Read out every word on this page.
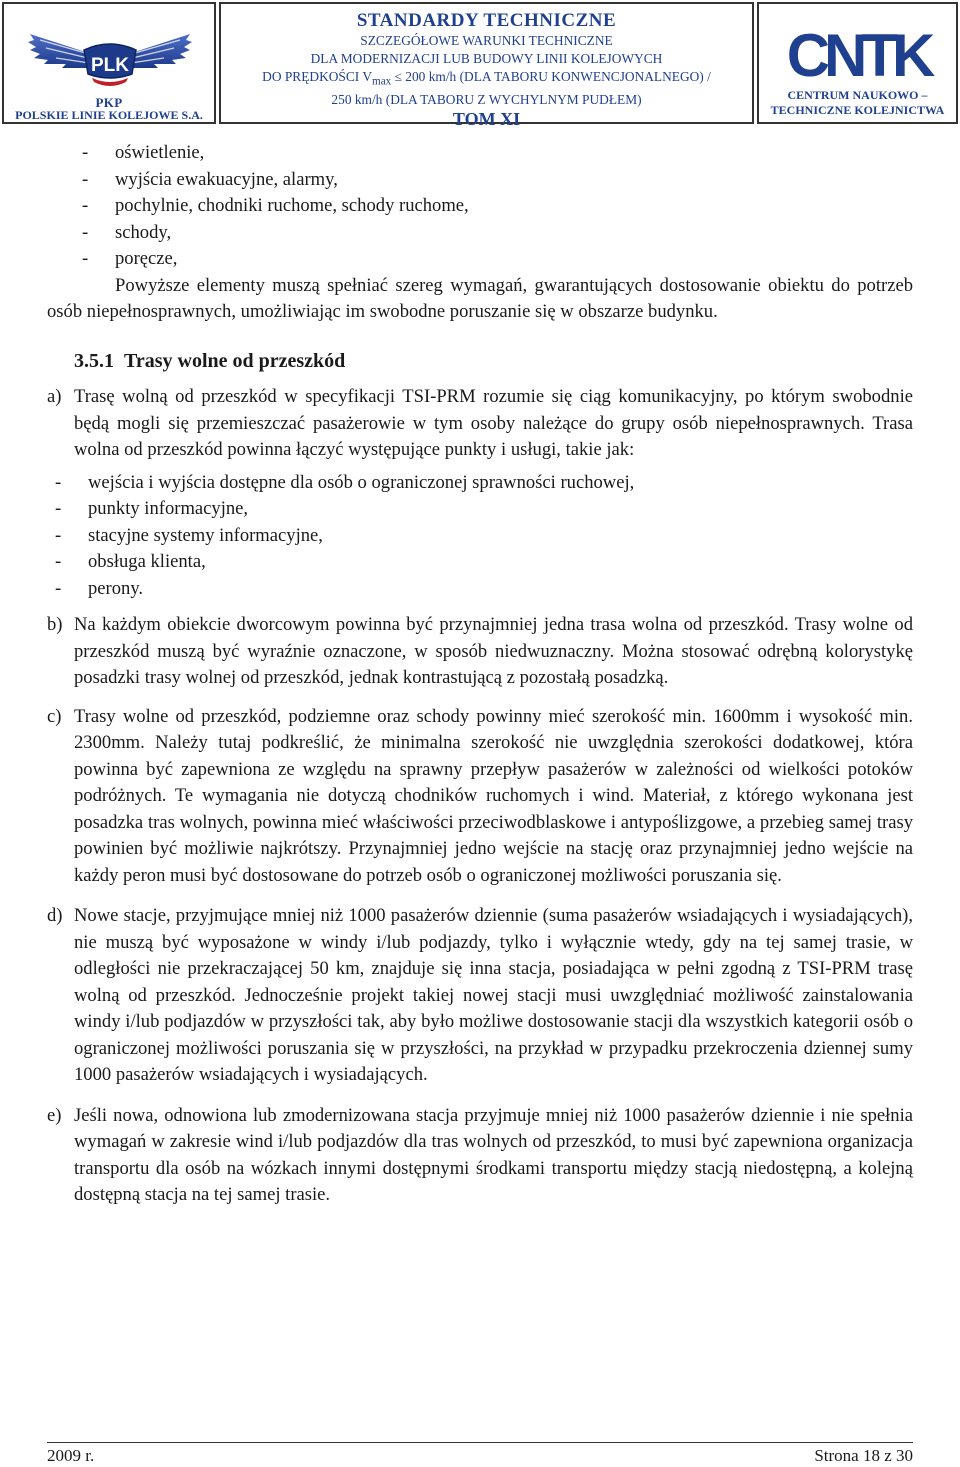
PLK
PKP
POLSKIE LINIE KOLEJOWE S.A.
STANDARDY TECHNICZNE
SZCZEGÓŁOWE WARUNKI TECHNICZNE
DLA MODERNIZACJI LUB BUDOWY LINII KOLEJOWYCH
DO PRĘDKOŚCI $V_{max} \le 200$ km/h (DLA TABORU KONWENCJONALNEGO) /
250 km/h (DLA TABORU Z WYCHYLNYM PUDŁEM)
TOM XI
CNTK
CENTRUM NAUKOWO –
TECHNICZNE KOLEJNICTWA
- oświetlenie,
- wyjścia ewakuacyjne, alarmy,
- pochylnie, chodniki ruchome, schody ruchome,
- schody,
- poręcze,

Powyższe elementy muszą spełniać szereg wymagań, gwarantujących dostosowanie obiektu do potrzeb osób niepełnosprawnych, umożliwiając im swobodne poruszanie się w obszarze budynku.

3.5.1 Trasy wolne od przeszkód
a) Trasę wolną od przeszkód w specyfikacji TSI-PRM rozumie się ciąg komunikacyjny, po którym swobodnie będą mogli się przemieszczać pasażerowie w tym osoby należące do grupy osób niepełnosprawnych. Trasa wolna od przeszkód powinna łączyć występujące punkty i usługi, takie jak:

- wejścia i wyjścia dostępne dla osób o ograniczonej sprawności ruchowej,
- punkty informacyjne,
- stacyjne systemy informacyjne,
- obsługa klienta,
- perony.
b) Na każdym obiekcie dworcowym powinna być przynajmniej jedna trasa wolna od przeszkód. Trasy wolne od przeszkód muszą być wyraźnie oznaczone, w sposób niedwuznaczny. Można stosować odrębną kolorystykę posadzki trasy wolnej od przeszkód, jednak kontrastującą z pozostałą posadzką.

c) Trasy wolne od przeszkód, podziemne oraz schody powinny mieć szerokość min. 1600mm i wysokość min. 2300mm. Należy tutaj podkreślić, że minimalna szerokość nie uwzględnia szerokości dodatkowej, która powinna być zapewniona ze względu na sprawny przepływ pasażerów w zależności od wielkości potoków podróżnych. Te wymagania nie dotyczą chodników ruchomych i wind. Materiał, z którego wykonana jest posadzka tras wolnych, powinna mieć właściwości przeciwodblaskowe i antypoślizgowe, a przebieg samej trasy powinien być możliwie najkrótszy. Przynajmniej jedno wejście na stację oraz przynajmniej jedno wejście na każdy peron musi być dostosowane do potrzeb osób o ograniczonej możliwości poruszania się.

d) Nowe stacje, przyjmujące mniej niż 1000 pasażerów dziennie (suma pasażerów wsiadających i wysiadających), nie muszą być wyposażone w windy i/lub podjazdy, tylko i wyłącznie wtedy, gdy na tej samej trasie, w odległości nie przekraczającej 50 km, znajduje się inna stacja, posiadająca w pełni zgodną z TSI-PRM trasę wolną od przeszkód. Jednocześnie projekt takiej nowej stacji musi uwzględniać możliwość zainstalowania windy i/lub podjazdów w przyszłości tak, aby było możliwe dostosowanie stacji dla wszystkich kategorii osób o ograniczonej możliwości poruszania się w przyszłości, na przykład w przypadku przekroczenia dziennej sumy 1000 pasażerów wsiadających i wysiadających.

e) Jeśli nowa, odnowiona lub zmodernizowana stacja przyjmuje mniej niż 1000 pasażerów dziennie i nie spełnia wymagań w zakresie wind i/lub podjazdów dla tras wolnych od przeszkód, to musi być zapewniona organizacja transportu dla osób na wózkach innymi dostępnymi środkami transportu między stacją niedostępną, a kolejną dostępną stacja na tej samej trasie.

2009 r.	Strona 18 z 30
